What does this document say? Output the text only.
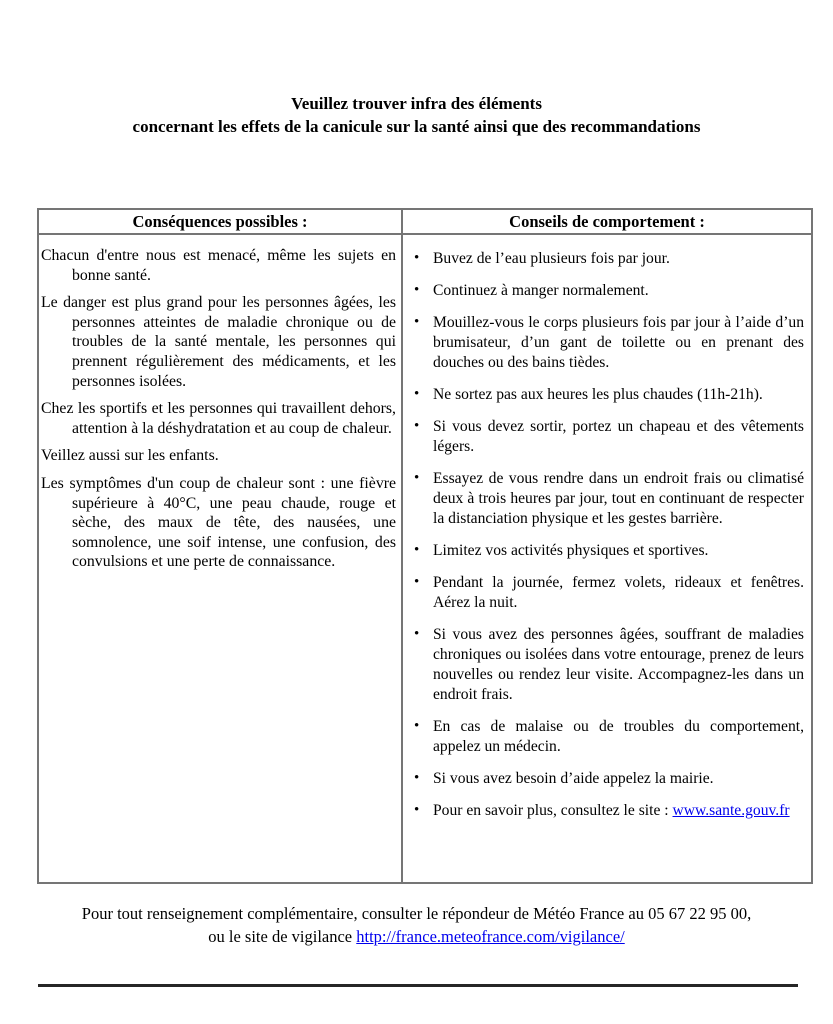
Veuillez trouver infra des éléments
concernant les effets de la canicule sur la santé ainsi que des recommandations
Conséquences possibles :

Chacun d'entre nous est menacé, même les sujets en bonne santé.

Le danger est plus grand pour les personnes âgées, les personnes atteintes de maladie chronique ou de troubles de la santé mentale, les personnes qui prennent régulièrement des médicaments, et les personnes isolées.

Chez les sportifs et les personnes qui travaillent dehors, attention à la déshydratation et au coup de chaleur.

Veillez aussi sur les enfants.

Les symptômes d'un coup de chaleur sont : une fièvre supérieure à 40°C, une peau chaude, rouge et sèche, des maux de tête, des nausées, une somnolence, une soif intense, une confusion, des convulsions et une perte de connaissance.

Conseils de comportement :
• Buvez de l’eau plusieurs fois par jour.
• Continuez à manger normalement.
• Mouillez-vous le corps plusieurs fois par jour à l’aide d’un brumisateur, d’un gant de toilette ou en prenant des douches ou des bains tièdes.
• Ne sortez pas aux heures les plus chaudes (11h-21h).
• Si vous devez sortir, portez un chapeau et des vêtements légers.
• Essayez de vous rendre dans un endroit frais ou climatisé deux à trois heures par jour, tout en continuant de respecter la distanciation physique et les gestes barrière.
• Limitez vos activités physiques et sportives.
• Pendant la journée, fermez volets, rideaux et fenêtres. Aérez la nuit.
• Si vous avez des personnes âgées, souffrant de maladies chroniques ou isolées dans votre entourage, prenez de leurs nouvelles ou rendez leur visite. Accompagnez-les dans un endroit frais.
• En cas de malaise ou de troubles du comportement, appelez un médecin.
• Si vous avez besoin d’aide appelez la mairie.
• Pour en savoir plus, consultez le site : www.sante.gouv.fr
Pour tout renseignement complémentaire, consulter le répondeur de Météo France au 05 67 22 95 00,
ou le site de vigilance http://france.meteofrance.com/vigilance/
